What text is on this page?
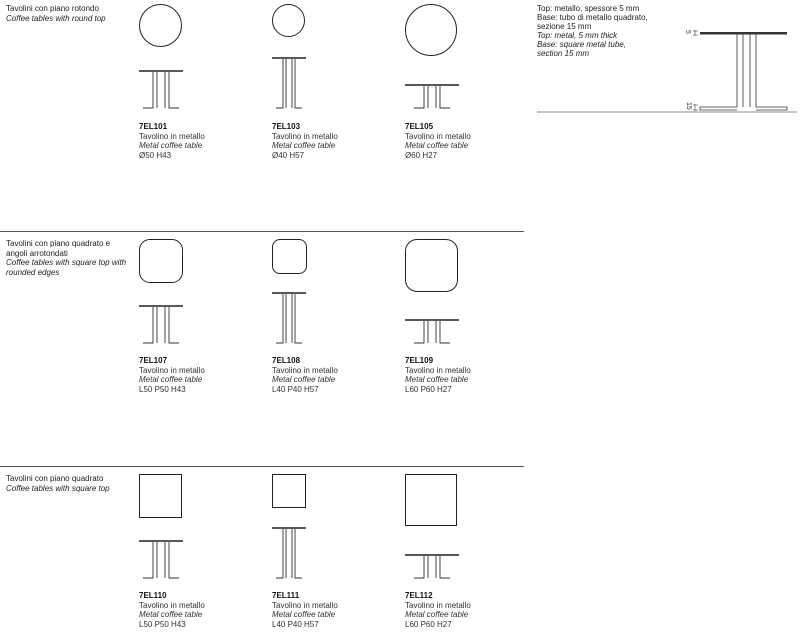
Tavolini con piano rotondo
Coffee tables with round top
7EL101
Tavolino in metallo
Metal coffee table
Ø50 H43
7EL103
Tavolino in metallo
Metal coffee table
Ø40 H57
7EL105
Tavolino in metallo
Metal coffee table
Ø60 H27
Top: metallo, spessore 5 mm
Base: tubo di metallo quadrato,
sezione 15 mm
Top: metal, 5 mm thick
Base: square metal tube,
section 15 mm
5
15
Tavolini con piano quadrato e angoli arrotondati
Coffee tables with square top with rounded edges
7EL107
Tavolino in metallo
Metal coffee table
L50 P50 H43
7EL108
Tavolino in metallo
Metal coffee table
L40 P40 H57
7EL109
Tavolino in metallo
Metal coffee table
L60 P60 H27
Tavolini con piano quadrato
Coffee tables with square top
7EL110
Tavolino in metallo
Metal coffee table
L50 P50 H43
7EL111
Tavolino in metallo
Metal coffee table
L40 P40 H57
7EL112
Tavolino in metallo
Metal coffee table
L60 P60 H27
